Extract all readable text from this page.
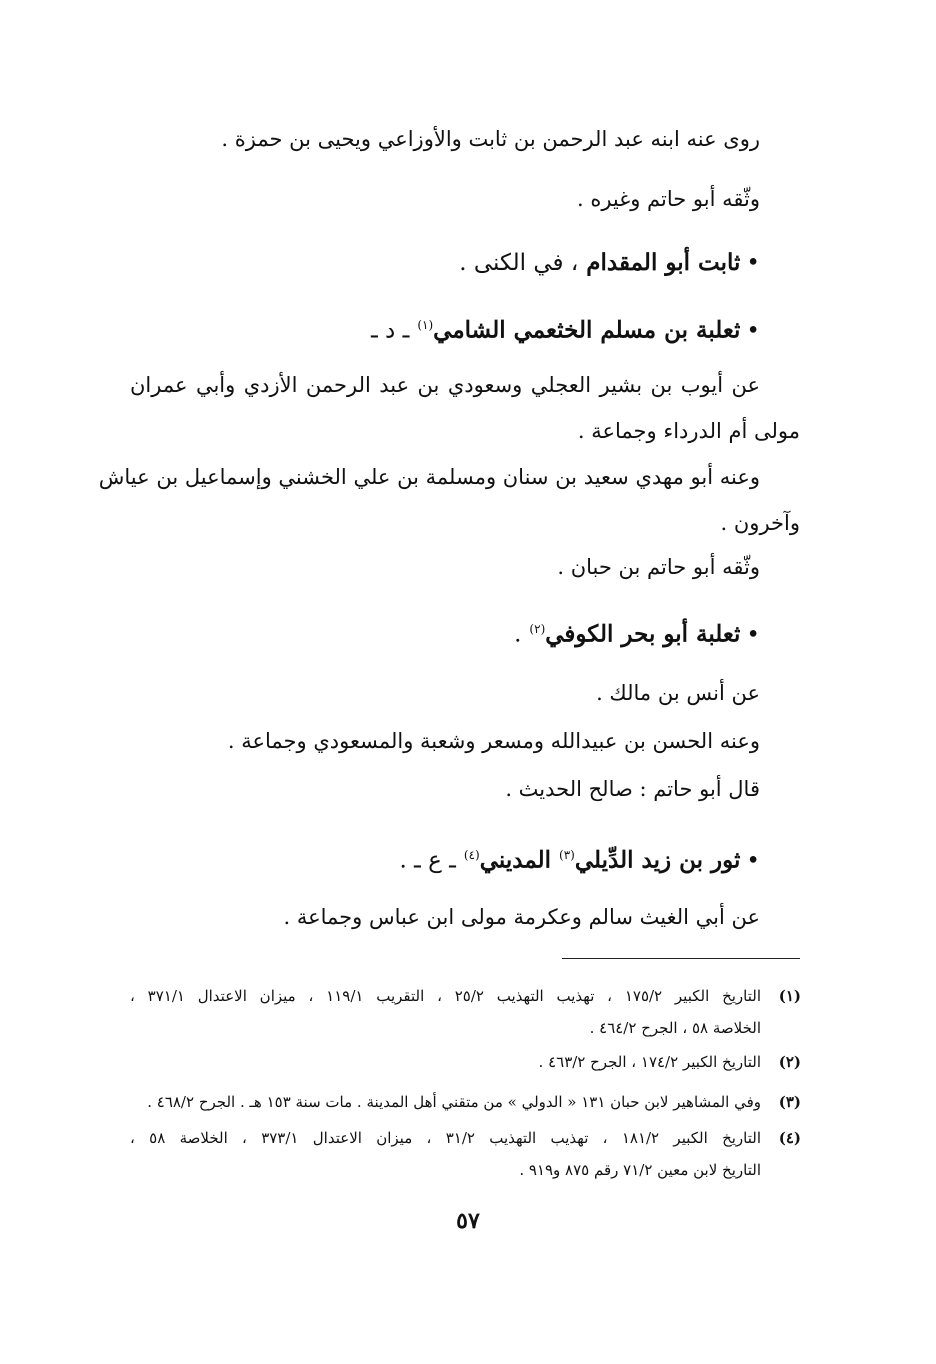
روى عنه ابنه عبد الرحمن بن ثابت والأوزاعي ويحيى بن حمزة .
وثّقه أبو حاتم وغيره .
•ثابت أبو المقدام ، في الكنى .
•ثعلبة بن مسلم الخثعمي الشامي$^{(١)}$ ـ د ـ
عن أيوب بن بشير العجلي وسعودي بن عبد الرحمن الأزدي وأبي عمران
مولى أم الدرداء وجماعة .
وعنه أبو مهدي سعيد بن سنان ومسلمة بن علي الخشني وإسماعيل بن عياش
وآخرون .
وثّقه أبو حاتم بن حبان .
•ثعلبة أبو بحر الكوفي$^{(٢)}$ .
عن أنس بن مالك .
وعنه الحسن بن عبيدالله ومسعر وشعبة والمسعودي وجماعة .
قال أبو حاتم : صالح الحديث .
•ثور بن زيد الدِّيلي$^{(٣)}$ المديني$^{(٤)}$ ـ ع ـ .
عن أبي الغيث سالم وعكرمة مولى ابن عباس وجماعة .
(١)التاريخ الكبير ١٧٥/٢ ، تهذيب التهذيب ٢٥/٢ ، التقريب ١١٩/١ ، ميزان الاعتدال ٣٧١/١ ،
الخلاصة ٥٨ ، الجرح ٤٦٤/٢ .
(٢)التاريخ الكبير ١٧٤/٢ ، الجرح ٤٦٣/٢ .
(٣)وفي المشاهير لابن حبان ١٣١ « الدولي » من متقني أهل المدينة . مات سنة ١٥٣ هـ . الجرح ٤٦٨/٢ .
(٤)التاريخ الكبير ١٨١/٢ ، تهذيب التهذيب ٣١/٢ ، ميزان الاعتدال ٣٧٣/١ ، الخلاصة ٥٨ ،
التاريخ لابن معين ٧١/٢ رقم ٨٧٥ و٩١٩ .
٥٧
